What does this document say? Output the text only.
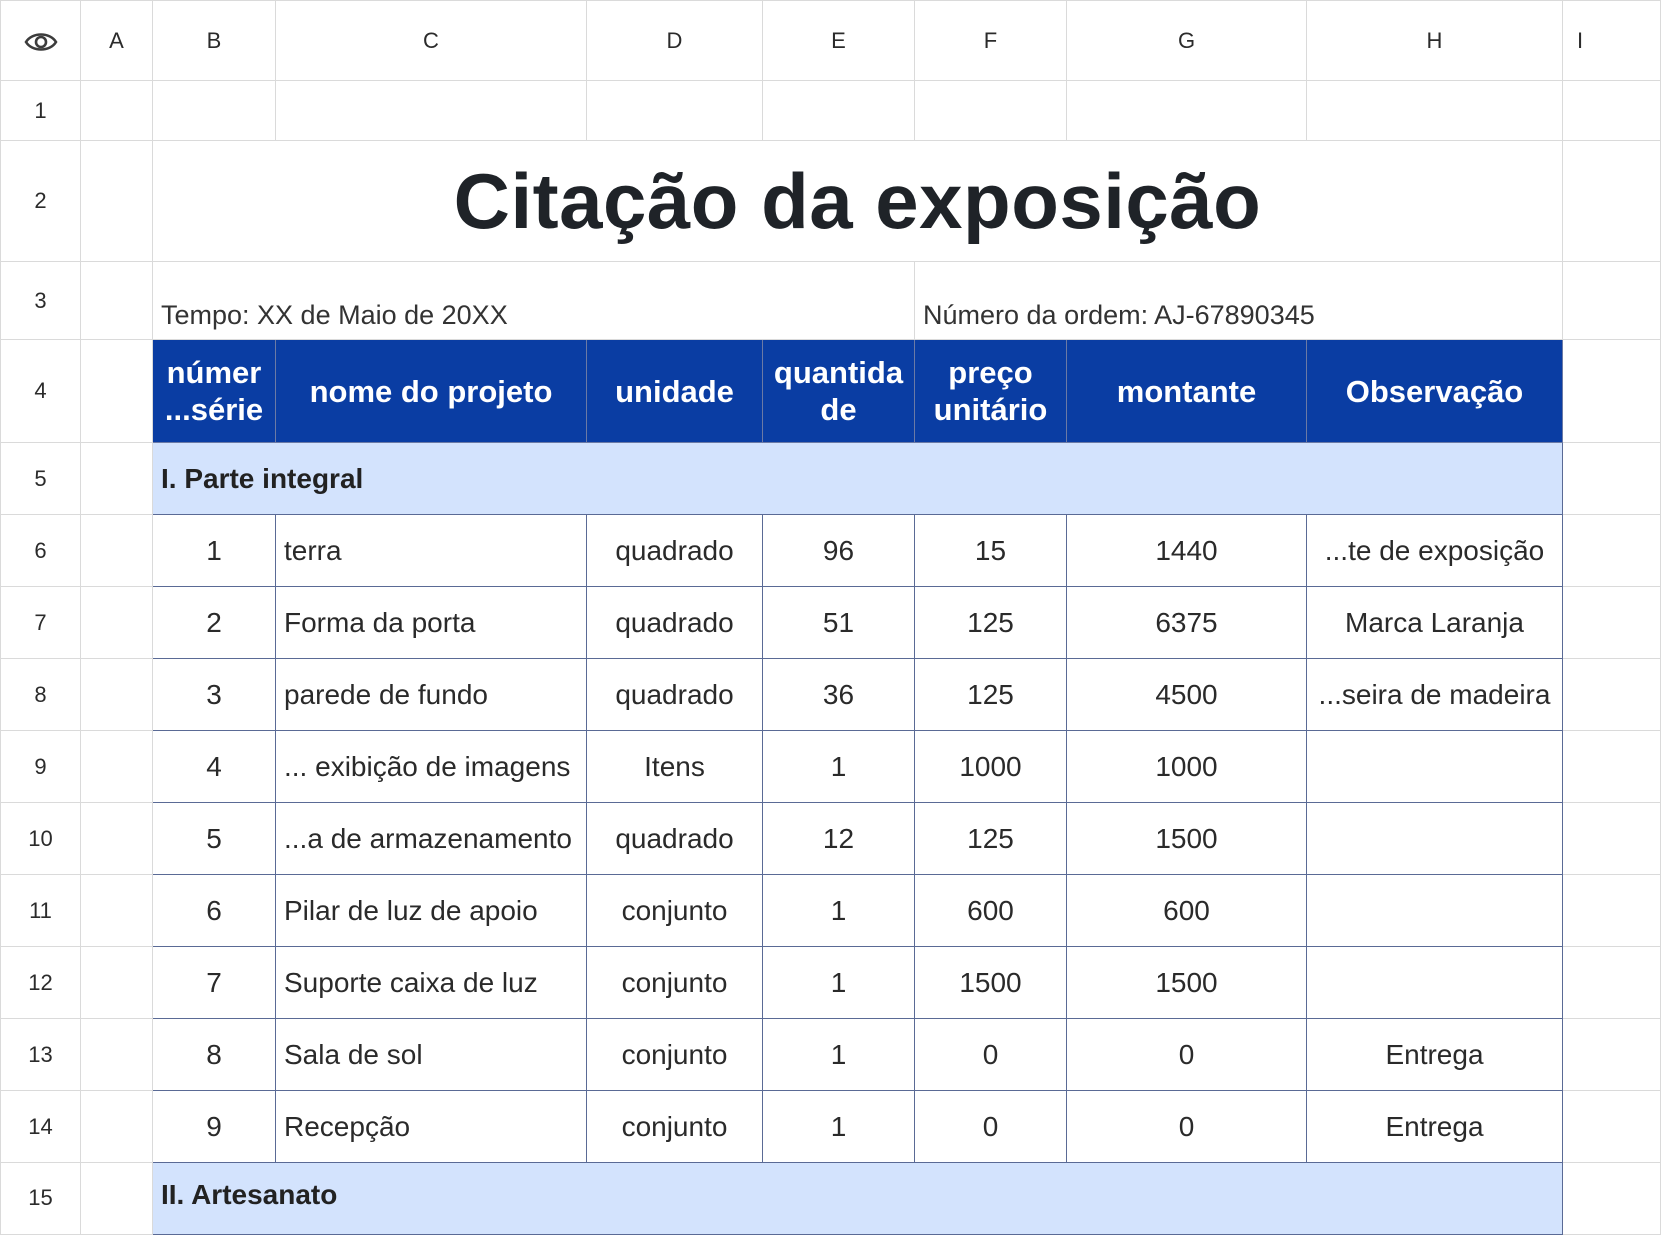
	A	B	C	D	E	F	G	H	I
1									
2		Citação da exposição							
3		Tempo: XX de Maio de 20XX				Número da ordem: AJ-67890345			
4		númer ...série	nome do projeto	unidade	quantida de	preço unitário	montante	Observação	
5		I. Parte integral							
6		1	terra	quadrado	96	15	1440	...te de exposição	
7		2	Forma da porta	quadrado	51	125	6375	Marca Laranja	
8		3	parede de fundo	quadrado	36	125	4500	...seira de madeira	
9		4	... exibição de imagens	Itens	1	1000	1000		
10		5	...a de armazenamento	quadrado	12	125	1500		
11		6	Pilar de luz de apoio	conjunto	1	600	600		
12		7	Suporte caixa de luz	conjunto	1	1500	1500		
13		8	Sala de sol	conjunto	1	0	0	Entrega	
14		9	Recepção	conjunto	1	0	0	Entrega	
15		II. Artesanato							
